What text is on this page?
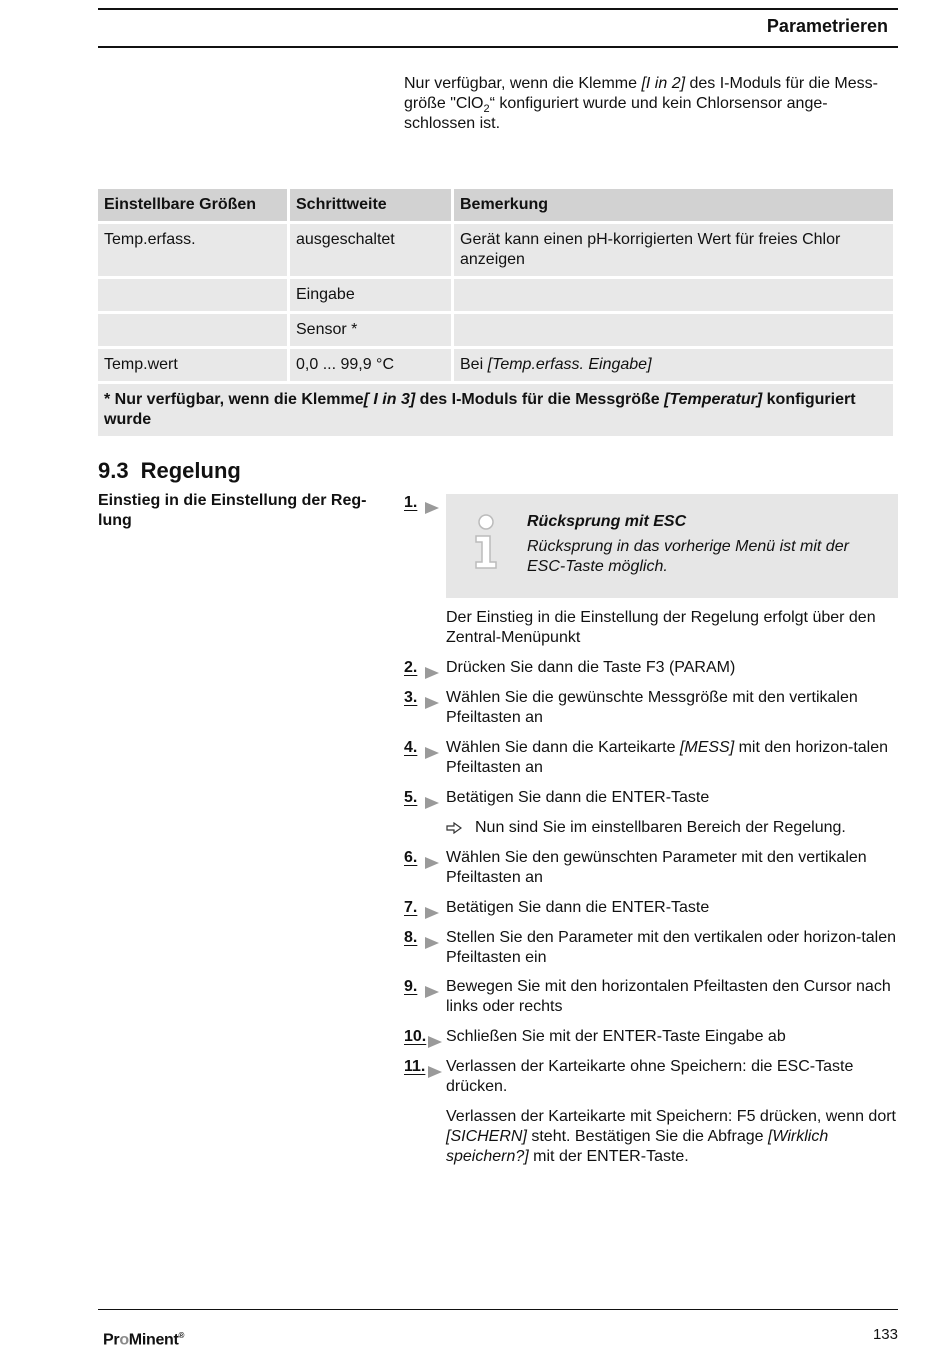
Parametrieren

Nur verfügbar, wenn die Klemme [I in 2] des I-Moduls für die Mess-

größe "ClO$_2$“ konfiguriert wurde und kein Chlorsensor ange-

schlossen ist.

Einstellbare Größen	Schrittweite	Bemerkung
Temp.erfass.	ausgeschaltet	Gerät kann einen pH-korrigierten Wert für freies Chlor anzeigen
	Eingabe	
	Sensor *	
Temp.wert	0,0 ... 99,9 °C	Bei [Temp.erfass. Eingabe]
* Nur verfügbar, wenn die Klemme[ I in 3] des I-Moduls für die Messgröße [Temperatur] konfiguriert wurde		
9.3 Regelung
Einstieg in die Einstellung der Reg-lung
1.
Rücksprung mit ESC
Rücksprung in das vorherige Menü ist mit der ESC-Taste möglich.
Der Einstieg in die Einstellung der Regelung erfolgt über den Zentral-Menüpunkt
2. Drücken Sie dann die Taste F3 (PARAM)
3. Wählen Sie die gewünschte Messgröße mit den vertikalen Pfeiltasten an
4. Wählen Sie dann die Karteikarte [MESS] mit den horizon-talen Pfeiltasten an
5. Betätigen Sie dann die ENTER-Taste
Nun sind Sie im einstellbaren Bereich der Regelung.
6. Wählen Sie den gewünschten Parameter mit den vertikalen Pfeiltasten an
7. Betätigen Sie dann die ENTER-Taste
8. Stellen Sie den Parameter mit den vertikalen oder horizon-talen Pfeiltasten ein
9. Bewegen Sie mit den horizontalen Pfeiltasten den Cursor nach links oder rechts
10. Schließen Sie mit der ENTER-Taste Eingabe ab
11. Verlassen der Karteikarte ohne Speichern: die ESC-Taste drücken.
Verlassen der Karteikarte mit Speichern: F5 drücken, wenn dort [SICHERN] steht. Bestätigen Sie die Abfrage [Wirklich speichern?] mit der ENTER-Taste.
ProMinent®	133
